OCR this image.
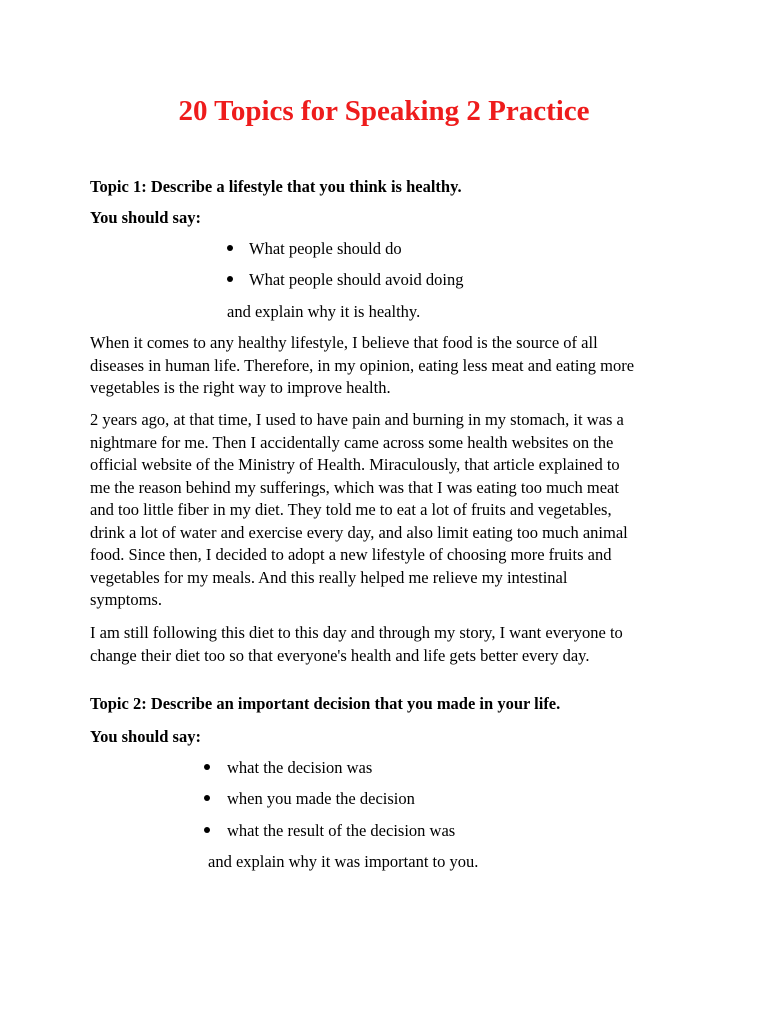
20 Topics for Speaking 2 Practice
Topic 1: Describe a lifestyle that you think is healthy.
You should say:
What people should do
What people should avoid doing
and explain why it is healthy.
When it comes to any healthy lifestyle, I believe that food is the source of all
diseases in human life. Therefore, in my opinion, eating less meat and eating more
vegetables is the right way to improve health.
2 years ago, at that time, I used to have pain and burning in my stomach, it was a
nightmare for me. Then I accidentally came across some health websites on the
official website of the Ministry of Health. Miraculously, that article explained to
me the reason behind my sufferings, which was that I was eating too much meat
and too little fiber in my diet. They told me to eat a lot of fruits and vegetables,
drink a lot of water and exercise every day, and also limit eating too much animal
food. Since then, I decided to adopt a new lifestyle of choosing more fruits and
vegetables for my meals. And this really helped me relieve my intestinal
symptoms.
I am still following this diet to this day and through my story, I want everyone to
change their diet too so that everyone's health and life gets better every day.
Topic 2: Describe an important decision that you made in your life.
You should say:
what the decision was
when you made the decision
what the result of the decision was
and explain why it was important to you.
